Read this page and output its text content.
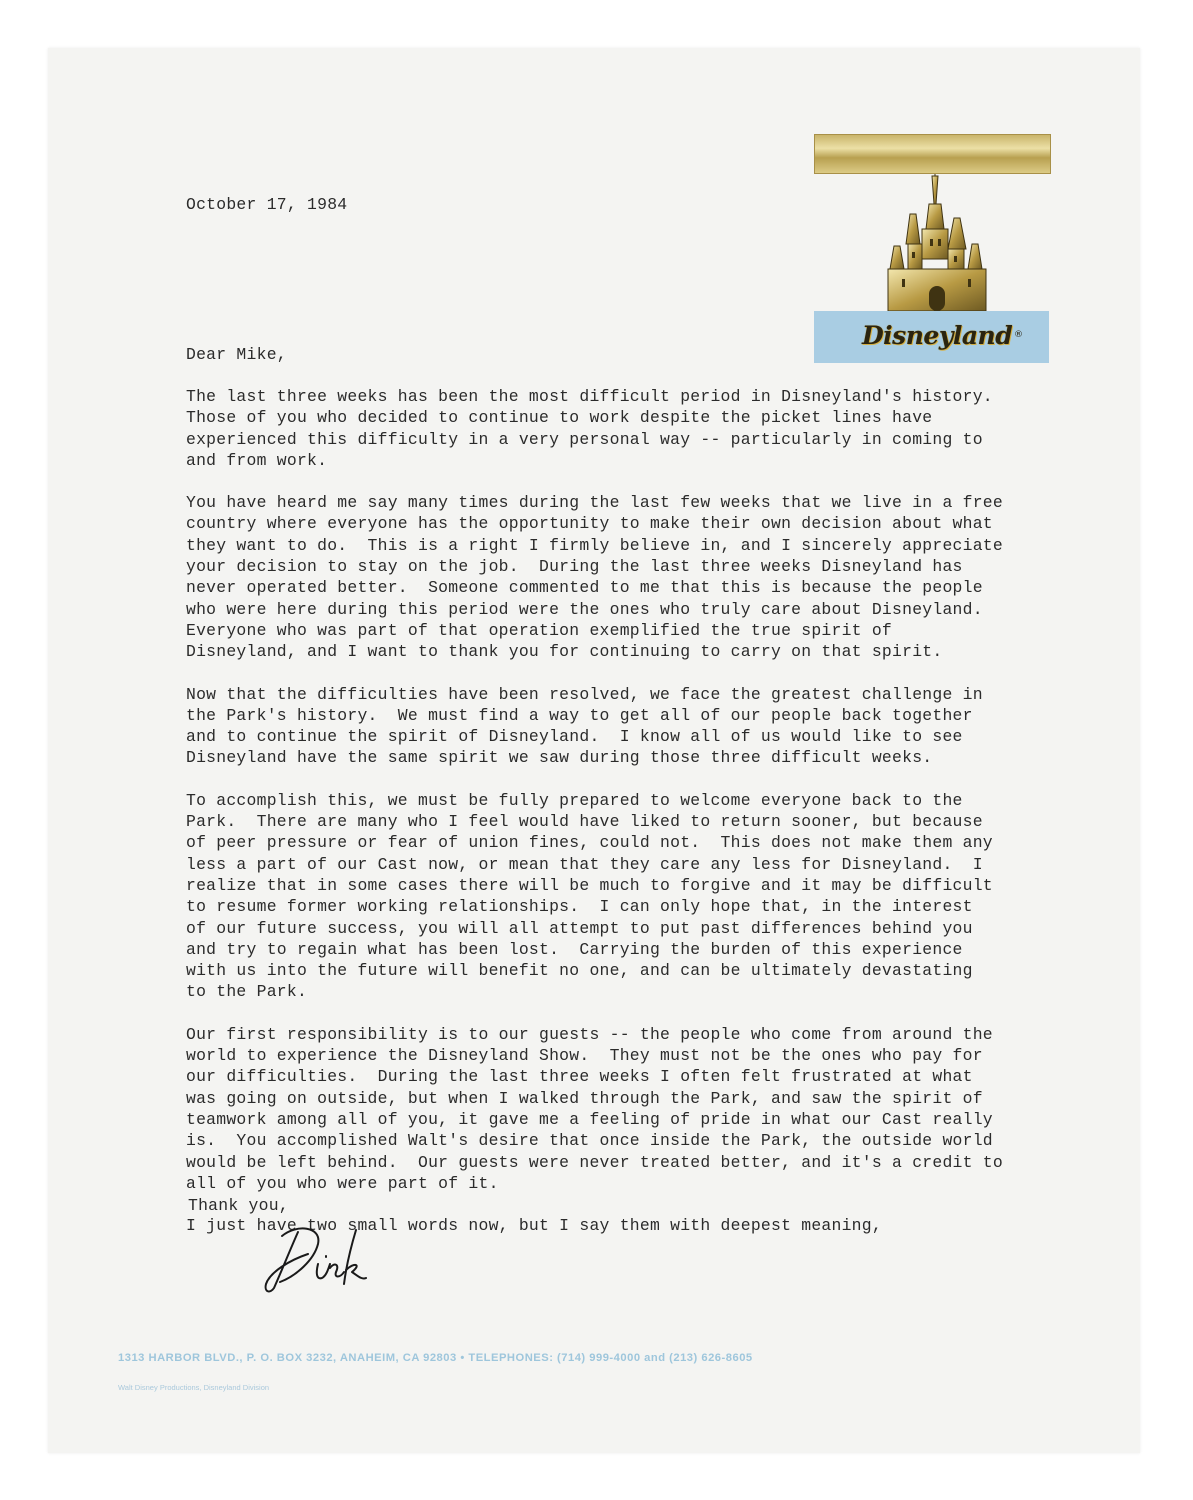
Disneyland ®
October 17, 1984
Dear Mike,

The last three weeks has been the most difficult period in Disneyland's history.
Those of you who decided to continue to work despite the picket lines have
experienced this difficulty in a very personal way -- particularly in coming to
and from work.

You have heard me say many times during the last few weeks that we live in a free
country where everyone has the opportunity to make their own decision about what
they want to do.  This is a right I firmly believe in, and I sincerely appreciate
your decision to stay on the job.  During the last three weeks Disneyland has
never operated better.  Someone commented to me that this is because the people
who were here during this period were the ones who truly care about Disneyland.
Everyone who was part of that operation exemplified the true spirit of
Disneyland, and I want to thank you for continuing to carry on that spirit.

Now that the difficulties have been resolved, we face the greatest challenge in
the Park's history.  We must find a way to get all of our people back together
and to continue the spirit of Disneyland.  I know all of us would like to see
Disneyland have the same spirit we saw during those three difficult weeks.

To accomplish this, we must be fully prepared to welcome everyone back to the
Park.  There are many who I feel would have liked to return sooner, but because
of peer pressure or fear of union fines, could not.  This does not make them any
less a part of our Cast now, or mean that they care any less for Disneyland.  I
realize that in some cases there will be much to forgive and it may be difficult
to resume former working relationships.  I can only hope that, in the interest
of our future success, you will all attempt to put past differences behind you
and try to regain what has been lost.  Carrying the burden of this experience
with us into the future will benefit no one, and can be ultimately devastating
to the Park.

Our first responsibility is to our guests -- the people who come from around the
world to experience the Disneyland Show.  They must not be the ones who pay for
our difficulties.  During the last three weeks I often felt frustrated at what
was going on outside, but when I walked through the Park, and saw the spirit of
teamwork among all of you, it gave me a feeling of pride in what our Cast really
is.  You accomplished Walt's desire that once inside the Park, the outside world
would be left behind.  Our guests were never treated better, and it's a credit to
all of you who were part of it.

I just have two small words now, but I say them with deepest meaning,

Thank you,
1313 HARBOR BLVD., P. O. BOX 3232, ANAHEIM, CA 92803 • TELEPHONES: (714) 999-4000 and (213) 626-8605
Walt Disney Productions, Disneyland Division
